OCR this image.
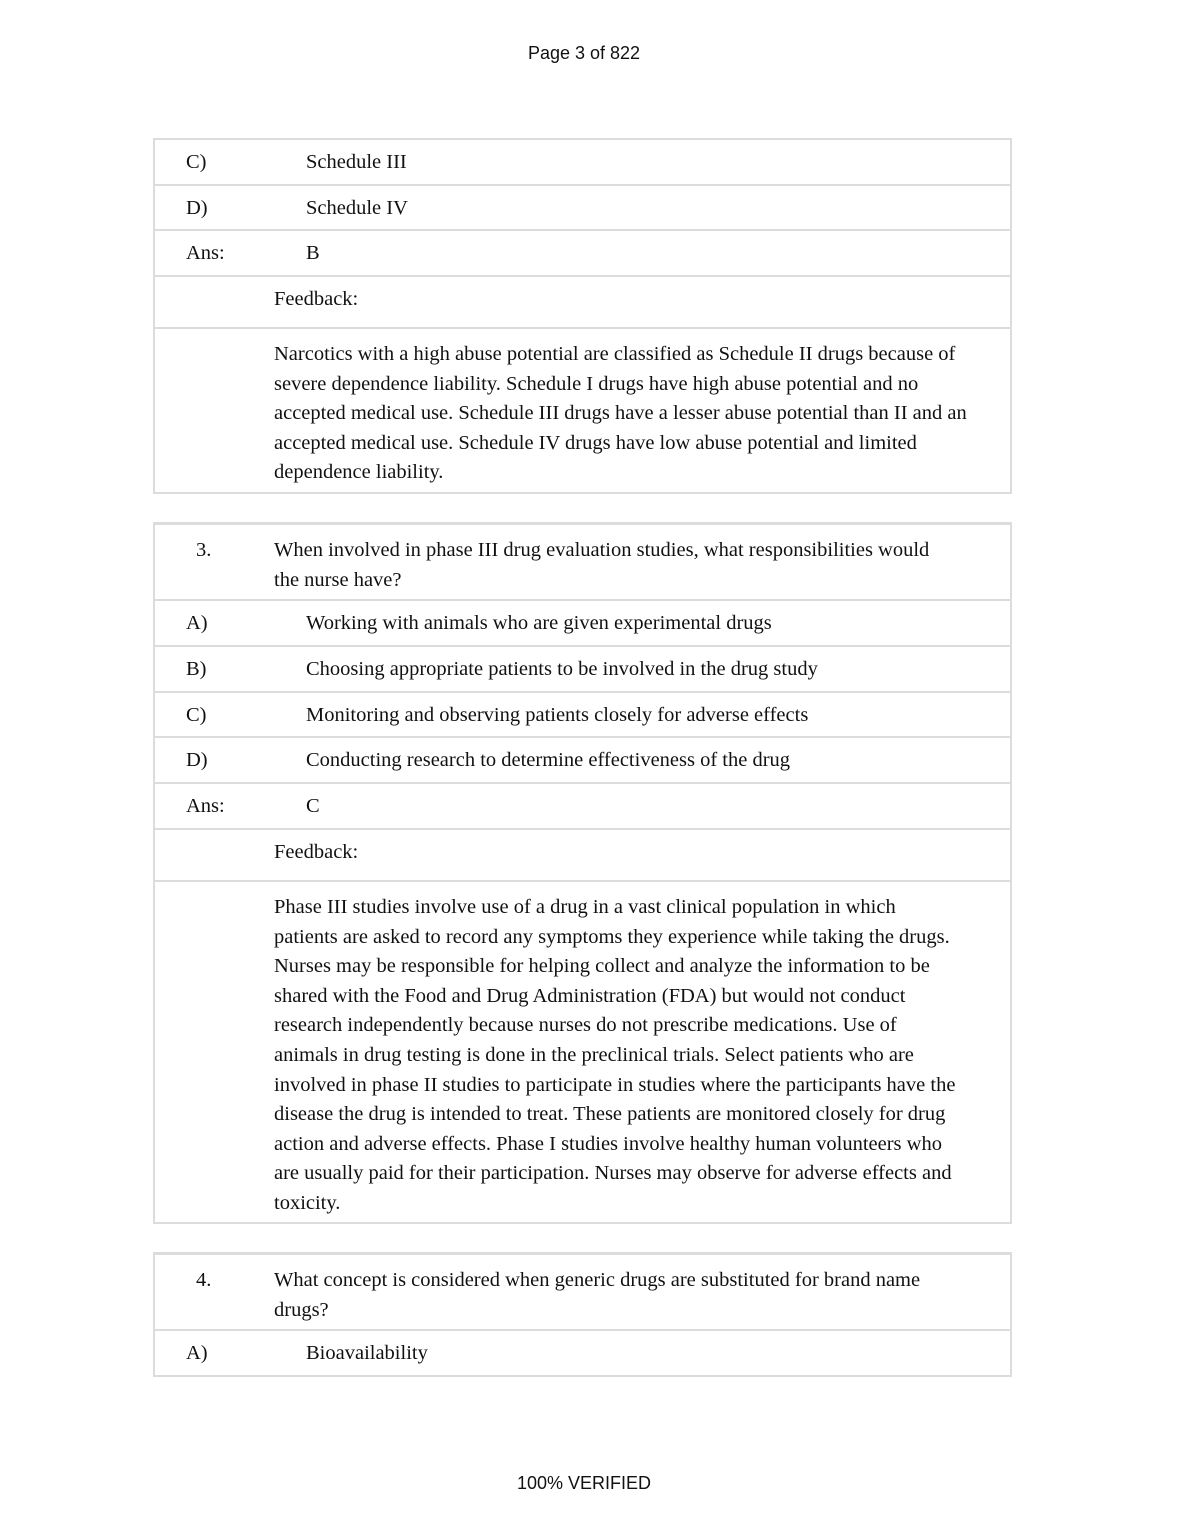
Page 3 of 822
C)	Schedule III
D)	Schedule IV
Ans:	B
Feedback:
Narcotics with a high abuse potential are classified as Schedule II drugs because of severe dependence liability. Schedule I drugs have high abuse potential and no accepted medical use. Schedule III drugs have a lesser abuse potential than II and an accepted medical use. Schedule IV drugs have low abuse potential and limited dependence liability.
3.	When involved in phase III drug evaluation studies, what responsibilities would the nurse have?
A)	Working with animals who are given experimental drugs
B)	Choosing appropriate patients to be involved in the drug study
C)	Monitoring and observing patients closely for adverse effects
D)	Conducting research to determine effectiveness of the drug
Ans:	C
Feedback:
Phase III studies involve use of a drug in a vast clinical population in which patients are asked to record any symptoms they experience while taking the drugs. Nurses may be responsible for helping collect and analyze the information to be shared with the Food and Drug Administration (FDA) but would not conduct research independently because nurses do not prescribe medications. Use of animals in drug testing is done in the preclinical trials. Select patients who are involved in phase II studies to participate in studies where the participants have the disease the drug is intended to treat. These patients are monitored closely for drug action and adverse effects. Phase I studies involve healthy human volunteers who are usually paid for their participation. Nurses may observe for adverse effects and toxicity.
4.	What concept is considered when generic drugs are substituted for brand name drugs?
A)	Bioavailability
100% VERIFIED
